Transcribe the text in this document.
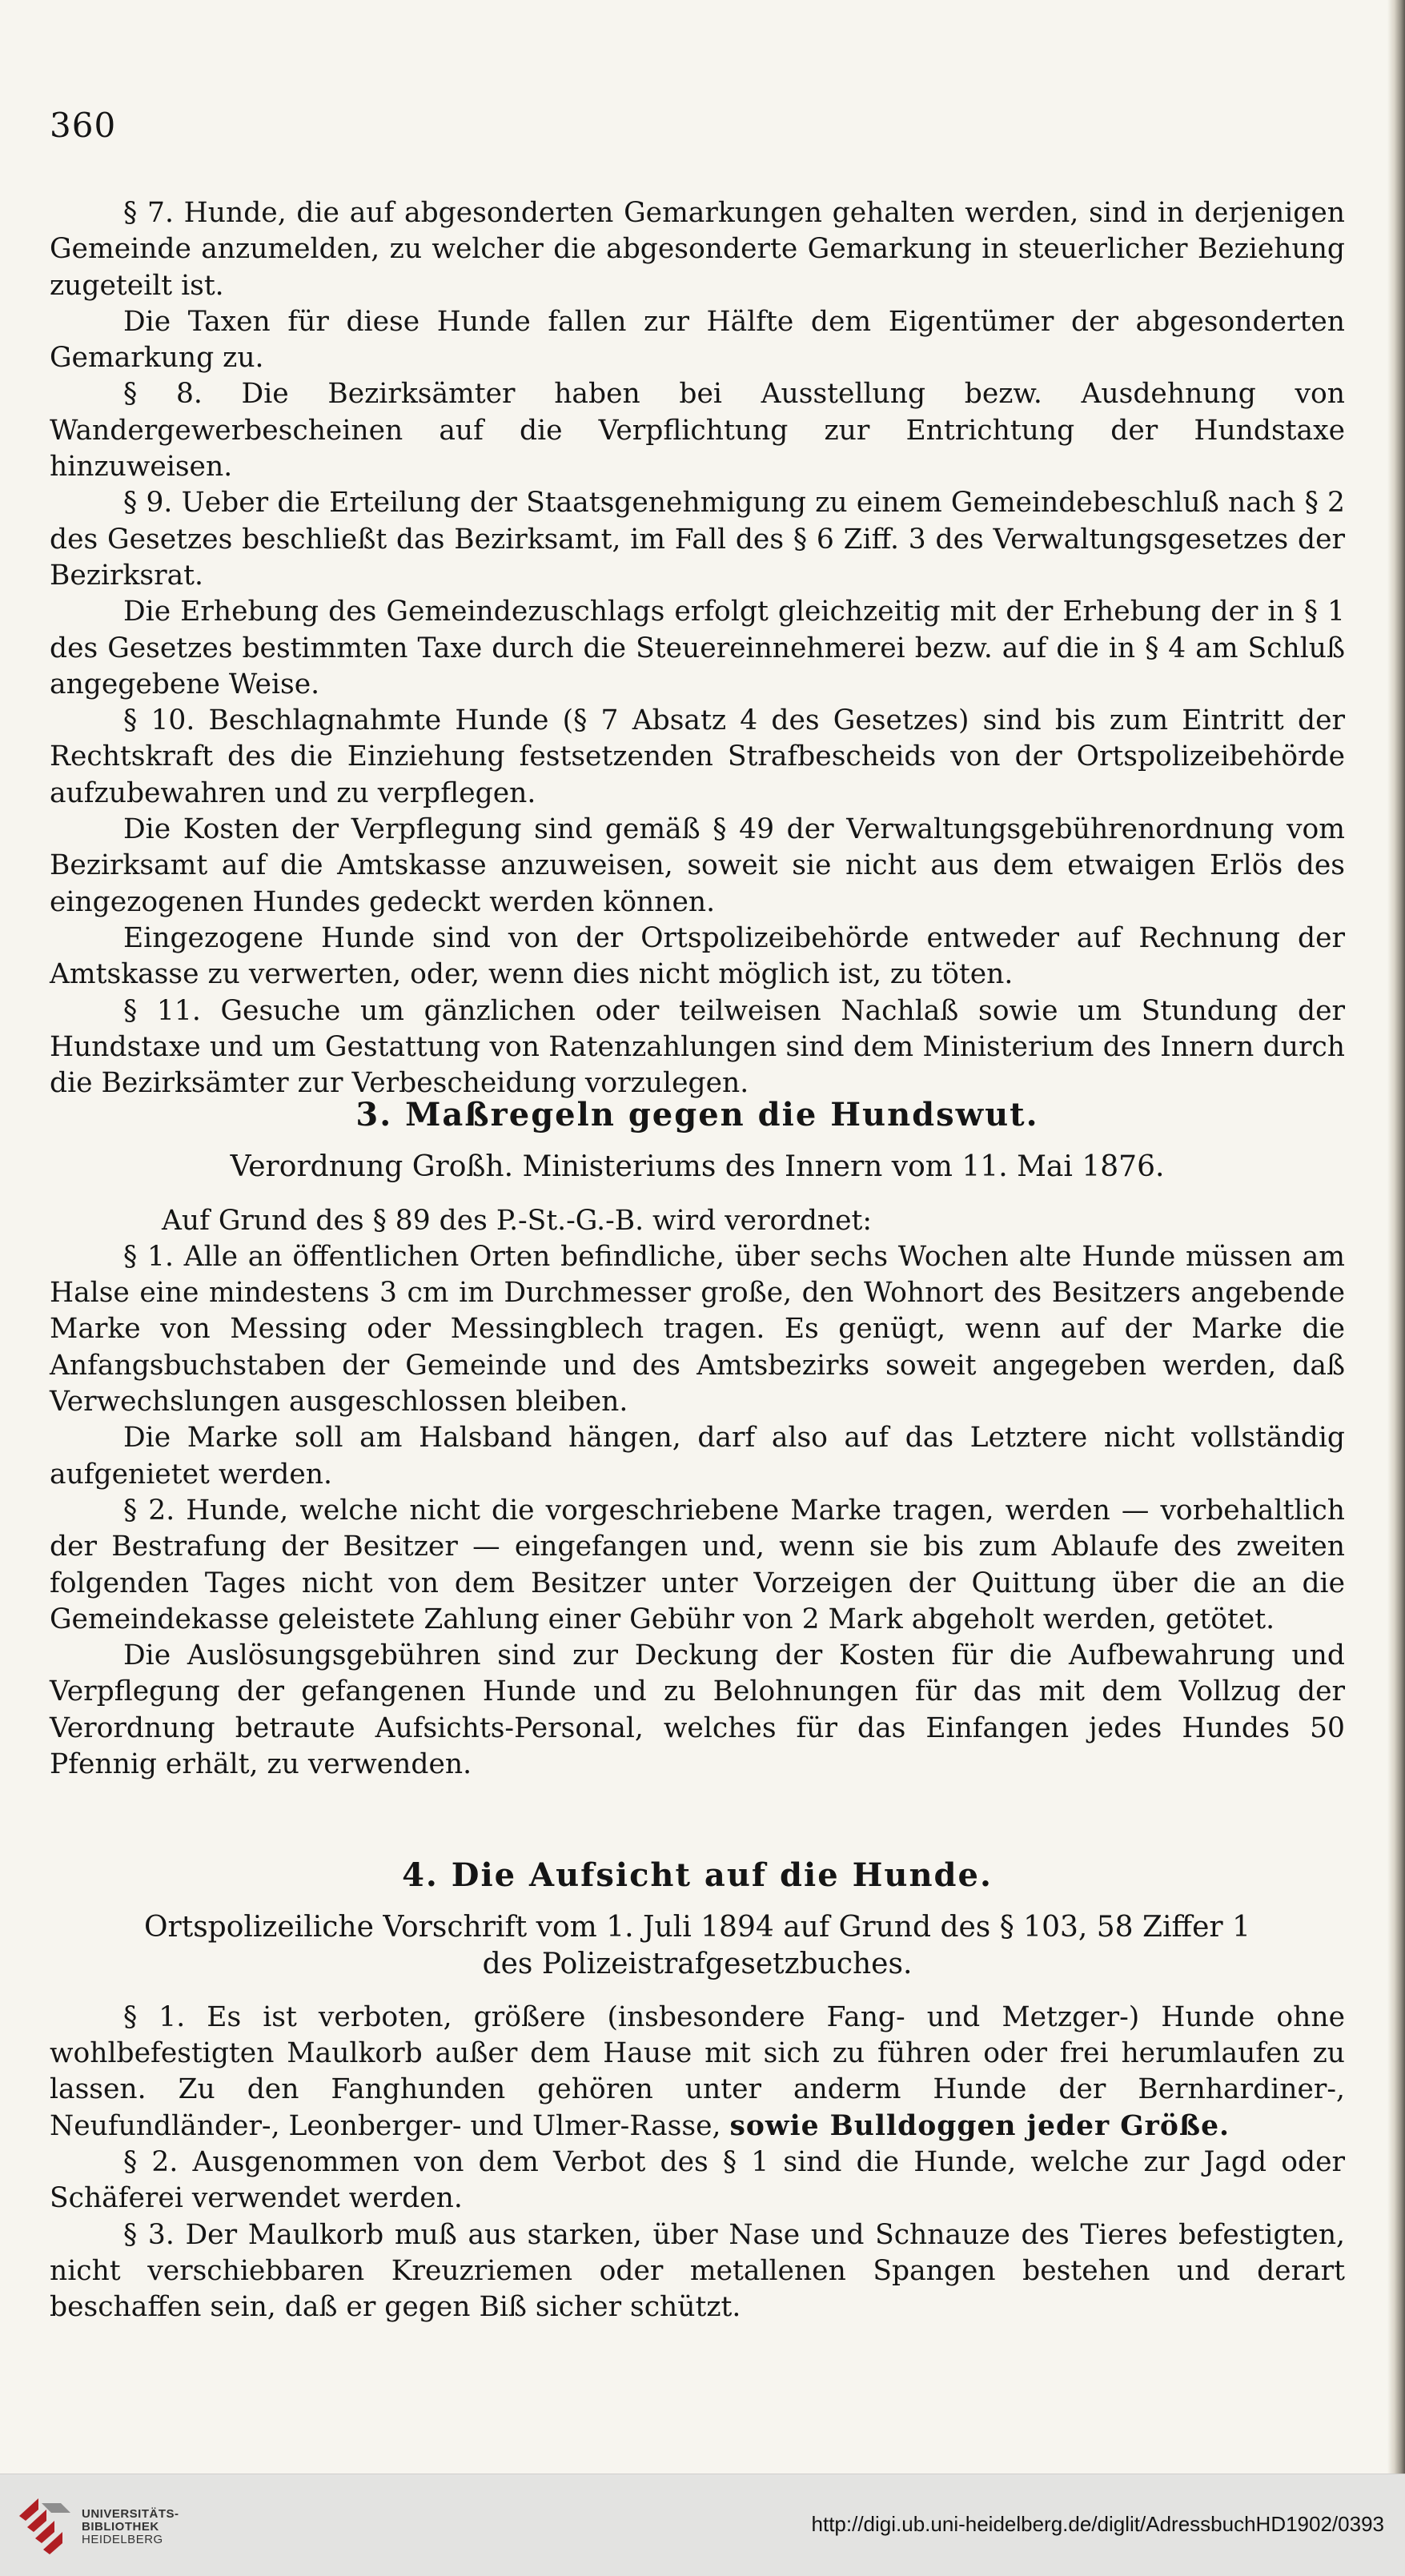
360

§ 7. Hunde, die auf abgesonderten Gemarkungen gehalten werden, sind in derjenigen Gemeinde anzumelden, zu welcher die abgesonderte Gemarkung in steuerlicher Beziehung zugeteilt ist.

Die Taxen für diese Hunde fallen zur Hälfte dem Eigentümer der abgesonderten Gemarkung zu.

§ 8. Die Bezirksämter haben bei Ausstellung bezw. Ausdehnung von Wandergewerbescheinen auf die Verpflichtung zur Entrichtung der Hundstaxe hinzuweisen.

§ 9. Ueber die Erteilung der Staatsgenehmigung zu einem Gemeindebeschluß nach § 2 des Gesetzes beschließt das Bezirksamt, im Fall des § 6 Ziff. 3 des Verwaltungsgesetzes der Bezirksrat.

Die Erhebung des Gemeindezuschlags erfolgt gleichzeitig mit der Erhebung der in § 1 des Gesetzes bestimmten Taxe durch die Steuereinnehmerei bezw. auf die in § 4 am Schluß angegebene Weise.

§ 10. Beschlagnahmte Hunde (§ 7 Absatz 4 des Gesetzes) sind bis zum Eintritt der Rechtskraft des die Einziehung festsetzenden Strafbescheids von der Ortspolizeibehörde aufzubewahren und zu verpflegen.

Die Kosten der Verpflegung sind gemäß § 49 der Verwaltungsgebührenordnung vom Bezirksamt auf die Amtskasse anzuweisen, soweit sie nicht aus dem etwaigen Erlös des eingezogenen Hundes gedeckt werden können.

Eingezogene Hunde sind von der Ortspolizeibehörde entweder auf Rechnung der Amtskasse zu verwerten, oder, wenn dies nicht möglich ist, zu töten.

§ 11. Gesuche um gänzlichen oder teilweisen Nachlaß sowie um Stundung der Hundstaxe und um Gestattung von Ratenzahlungen sind dem Ministerium des Innern durch die Bezirksämter zur Verbescheidung vorzulegen.

3. Maßregeln gegen die Hundswut.

Verordnung Großh. Ministeriums des Innern vom 11. Mai 1876.

Auf Grund des § 89 des P.-St.-G.-B. wird verordnet:

§ 1. Alle an öffentlichen Orten befindliche, über sechs Wochen alte Hunde müssen am Halse eine mindestens 3 cm im Durchmesser große, den Wohnort des Besitzers angebende Marke von Messing oder Messingblech tragen. Es genügt, wenn auf der Marke die Anfangsbuchstaben der Gemeinde und des Amtsbezirks soweit angegeben werden, daß Verwechslungen ausgeschlossen bleiben.

Die Marke soll am Halsband hängen, darf also auf das Letztere nicht vollständig aufgenietet werden.

§ 2. Hunde, welche nicht die vorgeschriebene Marke tragen, werden — vorbehaltlich der Bestrafung der Besitzer — eingefangen und, wenn sie bis zum Ablaufe des zweiten folgenden Tages nicht von dem Besitzer unter Vorzeigen der Quittung über die an die Gemeindekasse geleistete Zahlung einer Gebühr von 2 Mark abgeholt werden, getötet.

Die Auslösungsgebühren sind zur Deckung der Kosten für die Aufbewahrung und Verpflegung der gefangenen Hunde und zu Belohnungen für das mit dem Vollzug der Verordnung betraute Aufsichts-Personal, welches für das Einfangen jedes Hundes 50 Pfennig erhält, zu verwenden.

4. Die Aufsicht auf die Hunde.

Ortspolizeiliche Vorschrift vom 1. Juli 1894 auf Grund des § 103, 58 Ziffer 1

des Polizeistrafgesetzbuches.

§ 1. Es ist verboten, größere (insbesondere Fang- und Metzger-) Hunde ohne wohlbefestigten Maulkorb außer dem Hause mit sich zu führen oder frei herumlaufen zu lassen. Zu den Fanghunden gehören unter anderm Hunde der Bernhardiner-, Neufundländer-, Leonberger- und Ulmer-Rasse, sowie Bulldoggen jeder Größe.

§ 2. Ausgenommen von dem Verbot des § 1 sind die Hunde, welche zur Jagd oder Schäferei verwendet werden.

§ 3. Der Maulkorb muß aus starken, über Nase und Schnauze des Tieres befestigten, nicht verschiebbaren Kreuzriemen oder metallenen Spangen bestehen und derart beschaffen sein, daß er gegen Biß sicher schützt.

UNIVERSITÄTS-
BIBLIOTHEK
HEIDELBERG
http://digi.ub.uni-heidelberg.de/diglit/AdressbuchHD1902/0393
